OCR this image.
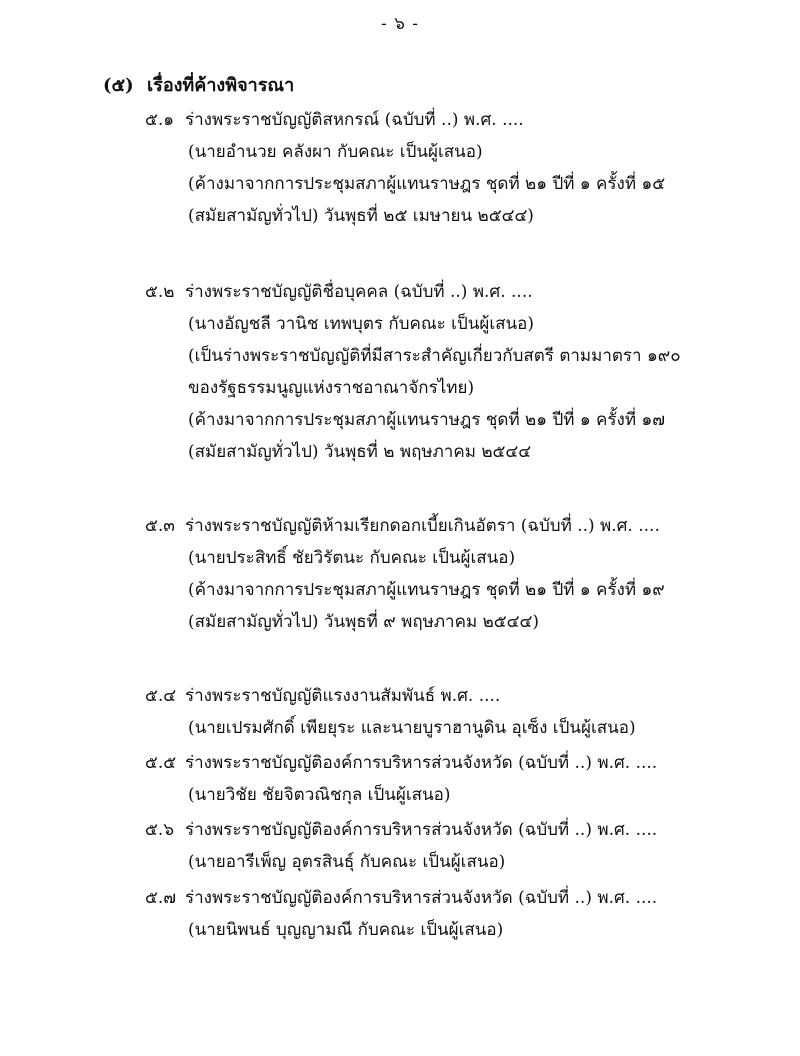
- ๖ -
(๕) เรื่องที่ค้างพิจารณา
๕.๑ ร่างพระราชบัญญัติสหกรณ์ (ฉบับที่ ..) พ.ศ. ....
(นายอำนวย คลังผา กับคณะ เป็นผู้เสนอ)
(ค้างมาจากการประชุมสภาผู้แทนราษฎร ชุดที่ ๒๑ ปีที่ ๑ ครั้งที่ ๑๕
(สมัยสามัญทั่วไป) วันพุธที่ ๒๕ เมษายน ๒๕๔๔)
๕.๒ ร่างพระราชบัญญัติชื่อบุคคล (ฉบับที่ ..) พ.ศ. ....
(นางอัญชลี วานิช เทพบุตร กับคณะ เป็นผู้เสนอ)
(เป็นร่างพระราชบัญญัติที่มีสาระสำคัญเกี่ยวกับสตรี ตามมาตรา ๑๙๐
ของรัฐธรรมนูญแห่งราชอาณาจักรไทย)
(ค้างมาจากการประชุมสภาผู้แทนราษฎร ชุดที่ ๒๑ ปีที่ ๑ ครั้งที่ ๑๗
(สมัยสามัญทั่วไป) วันพุธที่ ๒ พฤษภาคม ๒๕๔๔
๕.๓ ร่างพระราชบัญญัติห้ามเรียกดอกเบี้ยเกินอัตรา (ฉบับที่ ..) พ.ศ. ....
(นายประสิทธิ์ ชัยวิรัตนะ กับคณะ เป็นผู้เสนอ)
(ค้างมาจากการประชุมสภาผู้แทนราษฎร ชุดที่ ๒๑ ปีที่ ๑ ครั้งที่ ๑๙
(สมัยสามัญทั่วไป) วันพุธที่ ๙ พฤษภาคม ๒๕๔๔)
๕.๔ ร่างพระราชบัญญัติแรงงานสัมพันธ์ พ.ศ. ....
(นายเปรมศักดิ์ เพียยุระ และนายบูราฮานูดิน อุเซ็ง เป็นผู้เสนอ)
๕.๕ ร่างพระราชบัญญัติองค์การบริหารส่วนจังหวัด (ฉบับที่ ..) พ.ศ. ....
(นายวิชัย ชัยจิตวณิชกุล เป็นผู้เสนอ)
๕.๖ ร่างพระราชบัญญัติองค์การบริหารส่วนจังหวัด (ฉบับที่ ..) พ.ศ. ....
(นายอารีเพ็ญ อุตรสินธุ์ กับคณะ เป็นผู้เสนอ)
๕.๗ ร่างพระราชบัญญัติองค์การบริหารส่วนจังหวัด (ฉบับที่ ..) พ.ศ. ....
(นายนิพนธ์ บุญญามณี กับคณะ เป็นผู้เสนอ)
